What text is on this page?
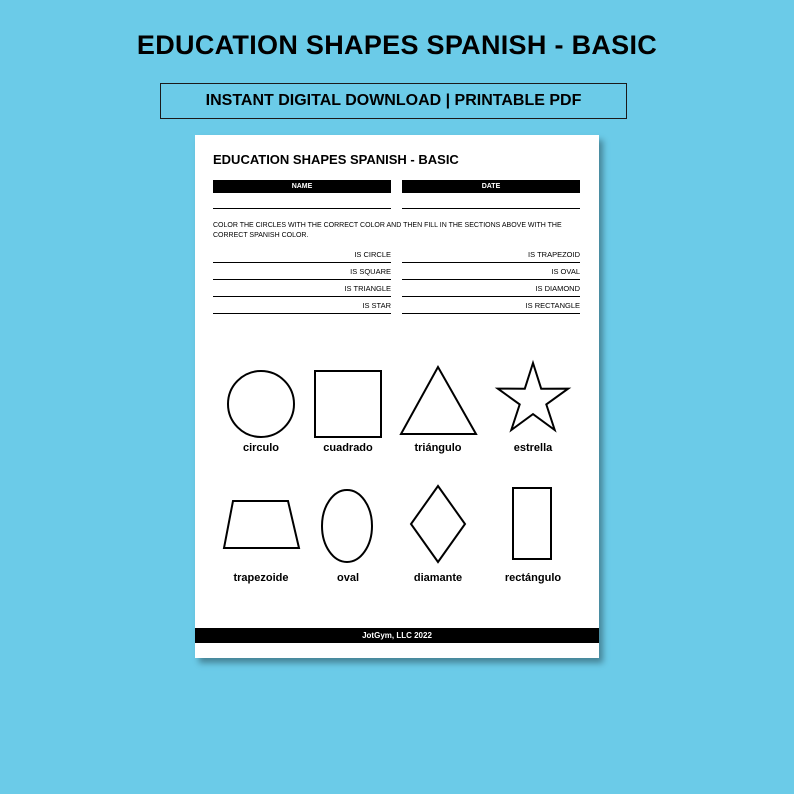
EDUCATION SHAPES SPANISH - BASIC
INSTANT DIGITAL DOWNLOAD | PRINTABLE PDF
EDUCATION SHAPES SPANISH - BASIC
NAME	DATE
COLOR THE CIRCLES WITH THE CORRECT COLOR AND THEN FILL IN THE SECTIONS ABOVE WITH THE CORRECT SPANISH COLOR.
IS CIRCLE
IS SQUARE
IS TRIANGLE
IS STAR
IS TRAPEZOID
IS OVAL
IS DIAMOND
IS RECTANGLE
circulo	cuadrado	triángulo	estrella
trapezoide	oval	diamante	rectángulo
JotGym, LLC 2022
